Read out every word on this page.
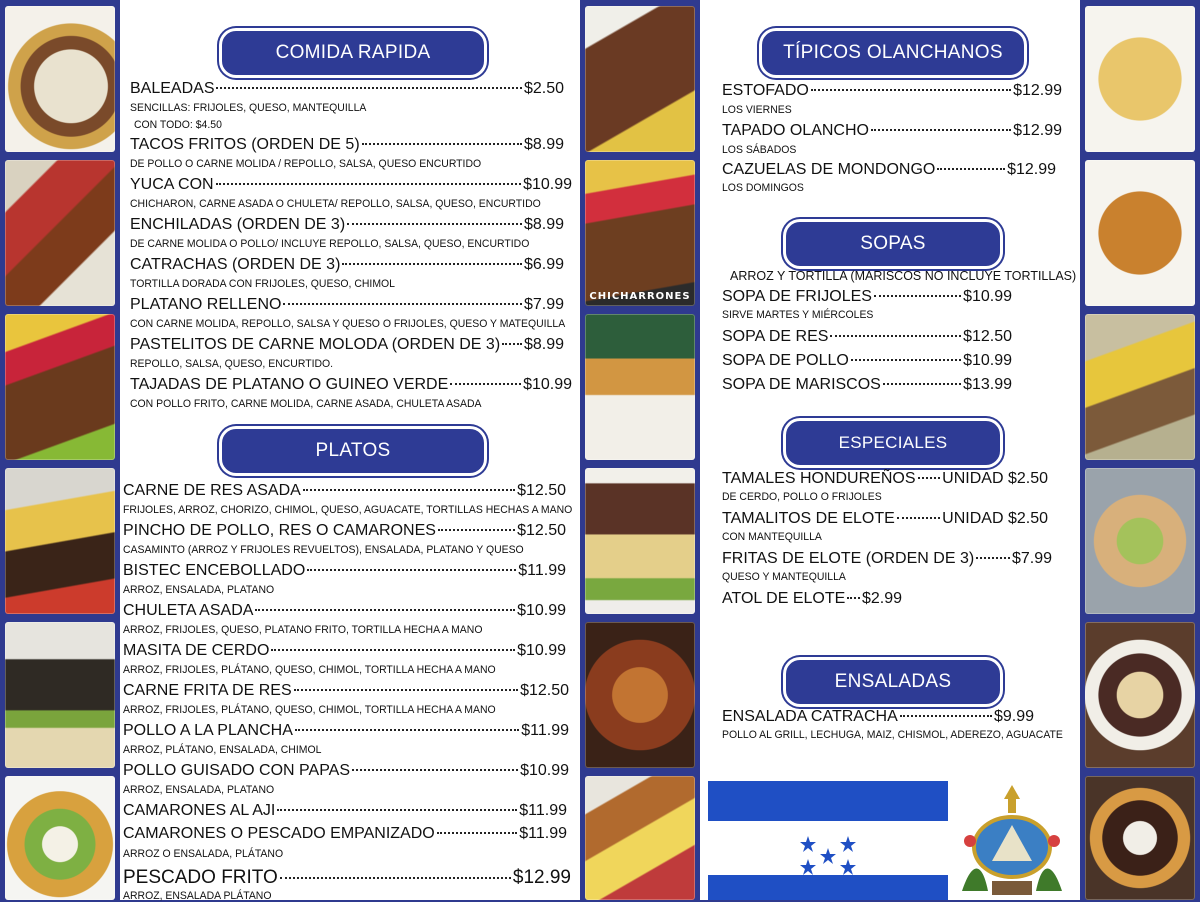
CHICHARRONES
COMIDA RAPIDA
BALEADAS	$2.50
SENCILLAS: FRIJOLES, QUESO, MANTEQUILLA
CON TODO: $4.50
TACOS FRITOS (ORDEN DE 5)	$8.99
DE POLLO O CARNE MOLIDA / REPOLLO, SALSA, QUESO ENCURTIDO
YUCA CON	$10.99
CHICHARON, CARNE ASADA O CHULETA/ REPOLLO, SALSA, QUESO, ENCURTIDO
ENCHILADAS (ORDEN DE 3)	$8.99
DE CARNE MOLIDA O POLLO/ INCLUYE REPOLLO, SALSA, QUESO, ENCURTIDO
CATRACHAS (ORDEN DE 3)	$6.99
TORTILLA DORADA CON FRIJOLES, QUESO, CHIMOL
PLATANO RELLENO	$7.99
CON CARNE MOLIDA, REPOLLO, SALSA Y QUESO O FRIJOLES, QUESO Y MATEQUILLA
PASTELITOS DE CARNE MOLODA (ORDEN DE 3) $8.99
REPOLLO, SALSA, QUESO, ENCURTIDO.
TAJADAS DE PLATANO O GUINEO VERDE	$10.99
CON POLLO FRITO, CARNE MOLIDA, CARNE ASADA, CHULETA ASADA
PLATOS
CARNE DE RES ASADA	$12.50
FRIJOLES, ARROZ, CHORIZO, CHIMOL, QUESO, AGUACATE, TORTILLAS HECHAS A MANO
PINCHO DE POLLO, RES O CAMARONES	$12.50
CASAMINTO (ARROZ Y FRIJOLES REVUELTOS), ENSALADA, PLATANO Y QUESO
BISTEC ENCEBOLLADO	$11.99
ARROZ, ENSALADA, PLATANO
CHULETA ASADA	$10.99
ARROZ, FRIJOLES, QUESO, PLATANO FRITO, TORTILLA HECHA A MANO
MASITA DE CERDO	$10.99
ARROZ, FRIJOLES, PLÁTANO, QUESO, CHIMOL, TORTILLA HECHA A MANO
CARNE FRITA DE RES	$12.50
ARROZ, FRIJOLES, PLÁTANO, QUESO, CHIMOL, TORTILLA HECHA A MANO
POLLO A LA PLANCHA	$11.99
ARROZ, PLÁTANO, ENSALADA, CHIMOL
POLLO GUISADO CON PAPAS	$10.99
ARROZ, ENSALADA, PLATANO
CAMARONES AL AJI	$11.99
CAMARONES O PESCADO EMPANIZADO	$11.99
ARROZ O ENSALADA, PLÁTANO
PESCADO FRITO	$12.99
ARROZ, ENSALADA PLÁTANO
TÍPICOS OLANCHANOS
ESTOFADO	$12.99
LOS VIERNES
TAPADO OLANCHO	$12.99
LOS SÁBADOS
CAZUELAS DE MONDONGO	$12.99
LOS DOMINGOS
SOPAS
ARROZ Y TORTILLA (MARISCOS NO INCLUYE TORTILLAS)
SOPA DE FRIJOLES	$10.99
SIRVE MARTES Y MIÉRCOLES
SOPA DE RES	$12.50
SOPA DE POLLO	$10.99
SOPA DE MARISCOS	$13.99
ESPECIALES
TAMALES HONDUREÑOS UNIDAD $2.50
DE CERDO, POLLO O FRIJOLES
TAMALITOS DE ELOTE	UNIDAD $2.50
CON MANTEQUILLA
FRITAS DE ELOTE (ORDEN DE 3) $7.99
QUESO Y MANTEQUILLA
ATOL DE ELOTE $2.99
ENSALADAS
ENSALADA CATRACHA	$9.99
POLLO AL GRILL, LECHUGA, MAIZ, CHISMOL, ADEREZO, AGUACATE
